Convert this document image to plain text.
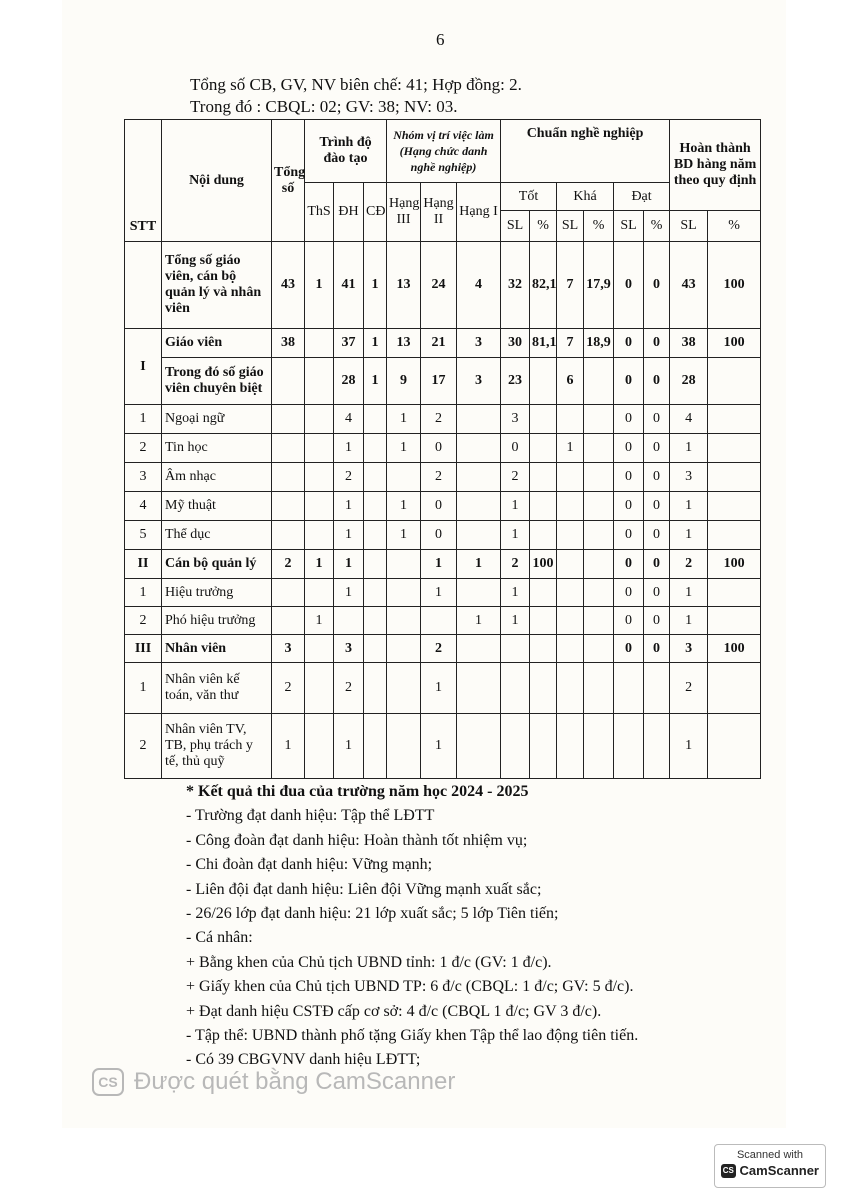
6
Tổng số CB, GV, NV biên chế: 41; Hợp đồng: 2.
Trong đó : CBQL: 02; GV: 38; NV: 03.
STT	Nội dung	Tổng số	Trình độ đào tạo			Nhóm vị trí việc làm (Hạng chức danh nghề nghiệp)			Chuẩn nghề nghiệp						Hoàn thành BD hàng năm theo quy định	
			ThS	ĐH	CĐ	Hạng III	Hạng II	Hạng I	Tốt		Khá		Đạt			
									SL	%	SL	%	SL	%	SL	%
	Tổng số giáo viên, cán bộ quản lý và nhân viên	43	1	41	1	13	24	4	32	82,1	7	17,9	0	0	43	100
I	Giáo viên	38		37	1	13	21	3	30	81,1	7	18,9	0	0	38	100
	Trong đó số giáo viên chuyên biệt			28	1	9	17	3	23		6		0	0	28	
1	Ngoại ngữ			4		1	2		3				0	0	4	
2	Tin học			1		1	0		0		1		0	0	1	
3	Âm nhạc			2			2		2				0	0	3	
4	Mỹ thuật			1		1	0		1				0	0	1	
5	Thể dục			1		1	0		1				0	0	1	
II	Cán bộ quản lý	2	1	1			1	1	2	100			0	0	2	100
1	Hiệu trưởng			1			1		1				0	0	1	
2	Phó hiệu trưởng		1					1	1				0	0	1	
III	Nhân viên	3		3			2						0	0	3	100
1	Nhân viên kế toán, văn thư	2		2			1								2	
2	Nhân viên TV, TB, phụ trách y tế, thủ quỹ	1		1			1								1	
* Kết quả thi đua của trường năm học 2024 - 2025
- Trường đạt danh hiệu: Tập thể LĐTT
- Công đoàn đạt danh hiệu: Hoàn thành tốt nhiệm vụ;
- Chi đoàn đạt danh hiệu: Vững mạnh;
- Liên đội đạt danh hiệu: Liên đội Vững mạnh xuất sắc;
- 26/26 lớp đạt danh hiệu: 21 lớp xuất sắc; 5 lớp Tiên tiến;
- Cá nhân:
+ Bằng khen của Chủ tịch UBND tỉnh: 1 đ/c (GV: 1 đ/c).
+ Giấy khen của Chủ tịch UBND TP: 6 đ/c (CBQL: 1 đ/c; GV: 5 đ/c).
+ Đạt danh hiệu CSTĐ cấp cơ sở: 4 đ/c (CBQL 1 đ/c; GV 3 đ/c).
- Tập thể: UBND thành phố tặng Giấy khen Tập thể lao động tiên tiến.
- Có 39 CBGVNV danh hiệu LĐTT;
CS Được quét bằng CamScanner
Scanned with
CS CamScanner
